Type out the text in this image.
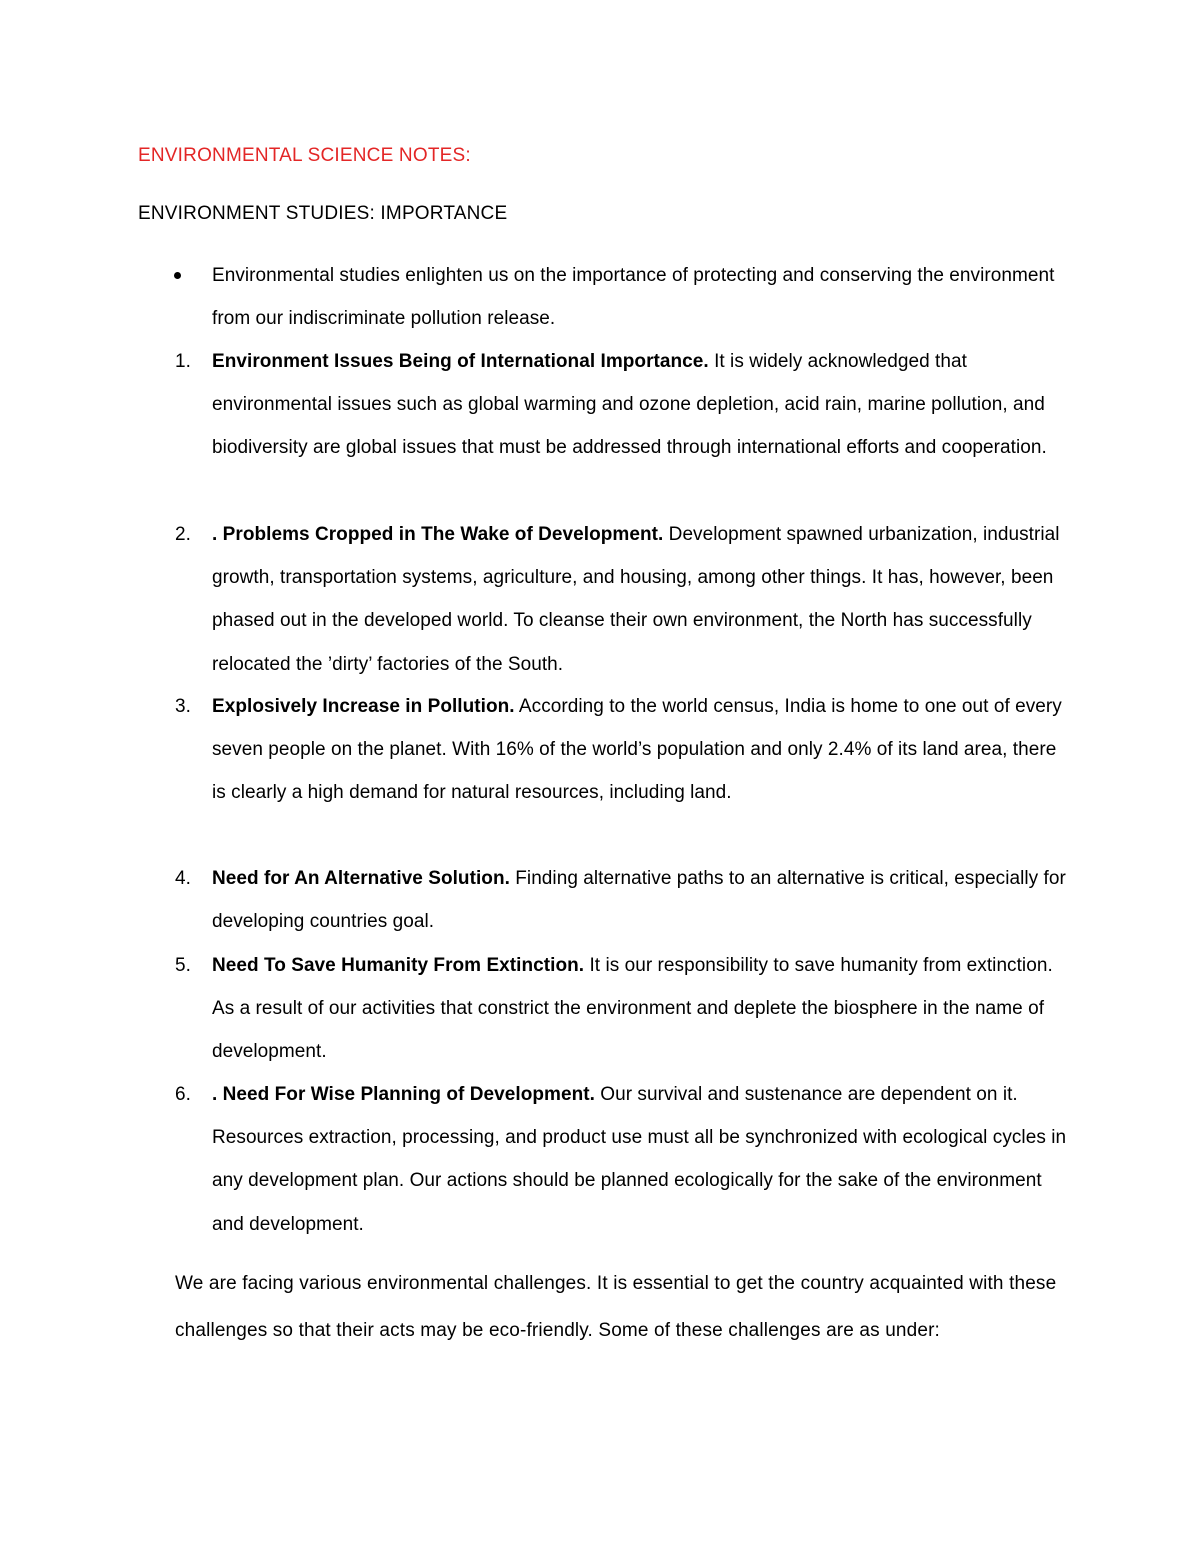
ENVIRONMENTAL SCIENCE NOTES:
ENVIRONMENT STUDIES: IMPORTANCE
Environmental studies enlighten us on the importance of protecting and conserving the environment from our indiscriminate pollution release.
1.	Environment Issues Being of International Importance. It is widely acknowledged that environmental issues such as global warming and ozone depletion, acid rain, marine pollution, and biodiversity are global issues that must be addressed through international efforts and cooperation.
2.	. Problems Cropped in The Wake of Development. Development spawned urbanization, industrial growth, transportation systems, agriculture, and housing, among other things. It has, however, been phased out in the developed world. To cleanse their own environment, the North has successfully relocated the ’dirty’ factories of the South.
3.	Explosively Increase in Pollution. According to the world census, India is home to one out of every seven people on the planet. With 16% of the world’s population and only 2.4% of its land area, there is clearly a high demand for natural resources, including land.
4.	Need for An Alternative Solution. Finding alternative paths to an alternative is critical, especially for developing countries goal.
5.	Need To Save Humanity From Extinction. It is our responsibility to save humanity from extinction. As a result of our activities that constrict the environment and deplete the biosphere in the name of development.
6.	. Need For Wise Planning of Development. Our survival and sustenance are dependent on it. Resources extraction, processing, and product use must all be synchronized with ecological cycles in any development plan. Our actions should be planned ecologically for the sake of the environment and development.
We are facing various environmental challenges. It is essential to get the country acquainted with these challenges so that their acts may be eco-friendly. Some of these challenges are as under:
